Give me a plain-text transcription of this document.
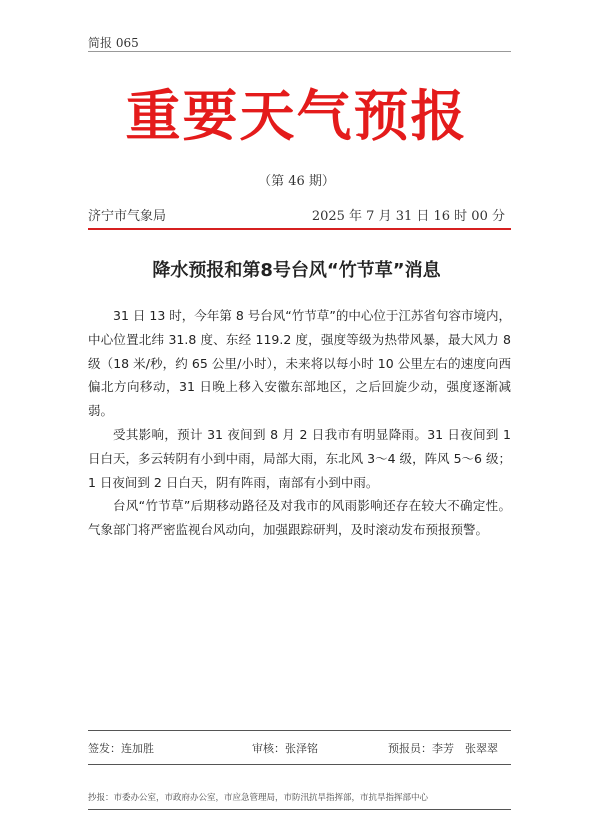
简报 065
重要天气预报
（第 46 期）
济宁市气象局	2025 年 7 月 31 日 16 时 00 分
降水预报和第8号台风“竹节草”消息

31 日 13 时，今年第 8 号台风“竹节草”的中心位于江苏省句容市境内，中心位置北纬 31.8 度、东经 119.2 度，强度等级为热带风暴，最大风力 8 级（18 米/秒，约 65 公里/小时），未来将以每小时 10 公里左右的速度向西偏北方向移动，31 日晚上移入安徽东部地区，之后回旋少动，强度逐渐减弱。

受其影响，预计 31 夜间到 8 月 2 日我市有明显降雨。31 日夜间到 1 日白天，多云转阴有小到中雨，局部大雨，东北风 3～4 级，阵风 5～6 级；1 日夜间到 2 日白天，阴有阵雨，南部有小到中雨。

台风“竹节草”后期移动路径及对我市的风雨影响还存在较大不确定性。气象部门将严密监视台风动向，加强跟踪研判，及时滚动发布预报预警。

签发：连加胜	审核：张泽铭	预报员：李芳　张翠翠
抄报：市委办公室，市政府办公室，市应急管理局，市防汛抗旱指挥部，市抗旱指挥部中心
